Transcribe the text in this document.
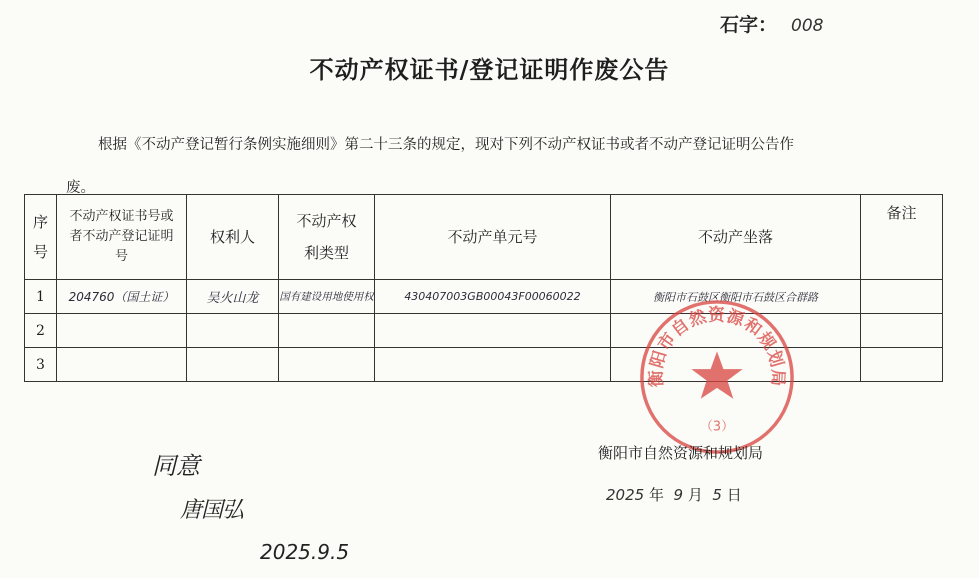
石字： 008
不动产权证书/登记证明作废公告
根据《不动产登记暂行条例实施细则》第二十三条的规定，现对下列不动产权证书或者不动产登记证明公告作
废。
序号	不动产权证书号或者不动产登记证明号	权利人	不动产权利类型	不动产单元号	不动产坐落	备注
1	204760（国土证）	吴火山龙	国有建设用地使用权	430407003GB00043F00060022	衡阳市石鼓区衡阳市石鼓区合群路	
2						
3						
衡阳市自然资源和规划局
（3）
衡阳市自然资源和规划局
2025 年 9 月 5 日
同意
唐国弘
2025.9.5
